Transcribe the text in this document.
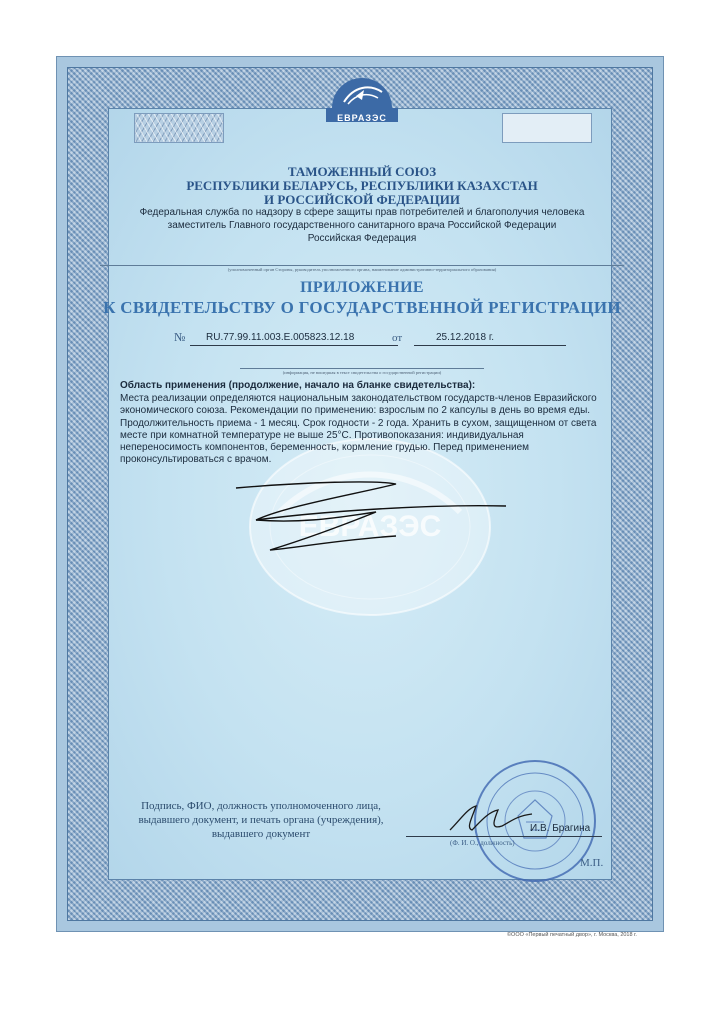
ЕВРАЗЭС

ТАМОЖЕННЫЙ СОЮЗ

РЕСПУБЛИКИ БЕЛАРУСЬ, РЕСПУБЛИКИ КАЗАХСТАН

И РОССИЙСКОЙ ФЕДЕРАЦИИ

Федеральная служба по надзору в сфере защиты прав потребителей и благополучия человека

заместитель Главного государственного санитарного врача Российской Федерации

Российская Федерация

(уполномоченный орган Стороны, руководитель уполномоченного органа, наименование административно-территориального образования)

ПРИЛОЖЕНИЕ

К СВИДЕТЕЛЬСТВУ О ГОСУДАРСТВЕННОЙ РЕГИСТРАЦИИ

№	RU.77.99.11.003.E.005823.12.18	от	25.12.2018 г.

(информация, не вошедшая в текст свидетельства о государственной регистрации)

ЕВРАЗЭС

Область применения (продолжение, начало на бланке свидетельства):

Места реализации определяются национальным законодательством государств-членов Евразийского экономического союза. Рекомендации по применению: взрослым по 2 капсулы в день во время еды. Продолжительность приема - 1 месяц. Срок годности - 2 года. Хранить в сухом, защищенном от света месте при комнатной температуре не выше 25°С. Противопоказания: индивидуальная непереносимость компонентов, беременность, кормление грудью. Перед применением проконсультироваться с врачом.

Подпись, ФИО, должность уполномоченного лица, выдавшего документ, и печать органа (учреждения), выдавшего документ	И.В. Брагина
(Ф. И. О., должность)
М.П.
©ООО «Первый печатный двор», г. Москва, 2018 г.
